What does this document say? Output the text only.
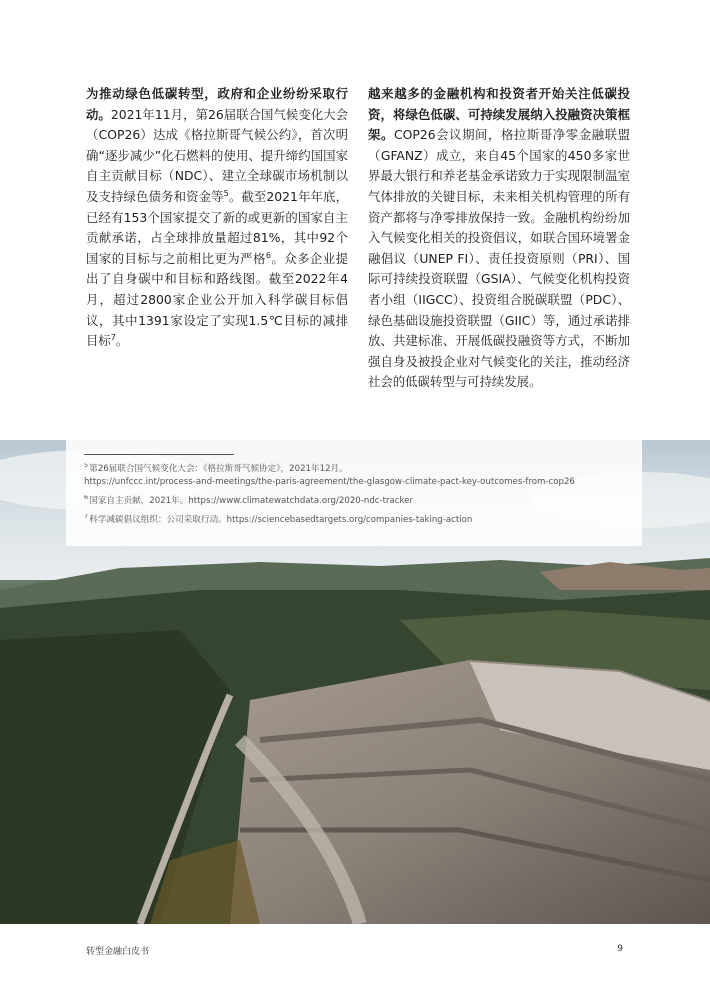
为推动绿色低碳转型，政府和企业纷纷采取行动。2021年11月，第26届联合国气候变化大会（COP26）达成《格拉斯哥气候公约》，首次明确“逐步减少”化石燃料的使用、提升缔约国国家自主贡献目标（NDC）、建立全球碳市场机制以及支持绿色债务和资金等$^5$。截至2021年年底，已经有153个国家提交了新的或更新的国家自主贡献承诺，占全球排放量超过81%，其中92个国家的目标与之前相比更为严格$^6$。众多企业提出了自身碳中和目标和路线图。截至2022年4月，超过2800家企业公开加入科学碳目标倡议，其中1391家设定了实现1.5℃目标的减排目标$^7$。

越来越多的金融机构和投资者开始关注低碳投资，将绿色低碳、可持续发展纳入投融资决策框架。COP26会议期间，格拉斯哥净零金融联盟（GFANZ）成立，来自45个国家的450多家世界最大银行和养老基金承诺致力于实现限制温室气体排放的关键目标，未来相关机构管理的所有资产都将与净零排放保持一致。金融机构纷纷加入气候变化相关的投资倡议，如联合国环境署金融倡议（UNEP FI）、责任投资原则（PRI）、国际可持续投资联盟（GSIA）、气候变化机构投资者小组（IIGCC）、投资组合脱碳联盟（PDC）、绿色基础设施投资联盟（GIIC）等，通过承诺排放、共建标准、开展低碳投融资等方式，不断加强自身及被投企业对气候变化的关注，推动经济社会的低碳转型与可持续发展。

$^5$第26届联合国气候变化大会：《格拉斯哥气候协定》，2021年12月。
https://unfccc.int/process-and-meetings/the-paris-agreement/the-glasgow-climate-pact-key-outcomes-from-cop26

$^6$国家自主贡献，2021年。https://www.climatewatchdata.org/2020-ndc-tracker

$^7$科学减碳倡议组织：公司采取行动。https://sciencebasedtargets.org/companies-taking-action

转型金融白皮书	9
